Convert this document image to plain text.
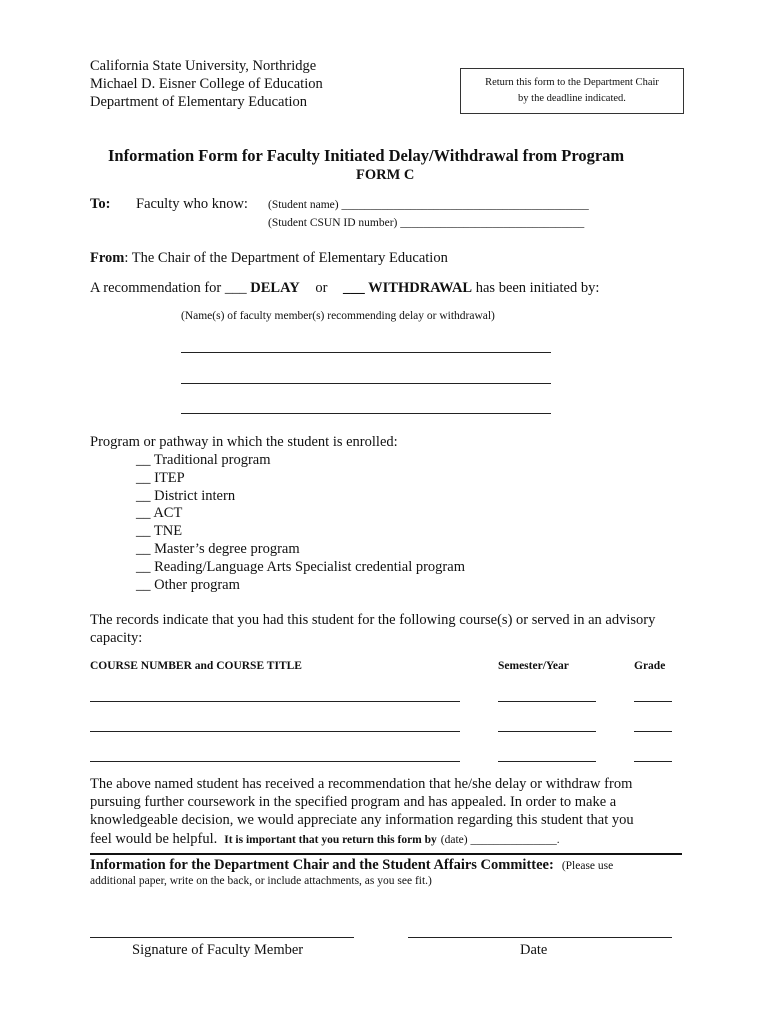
California State University, Northridge
Michael D. Eisner College of Education
Department of Elementary Education
Return this form to the Department Chair
by the deadline indicated.
Information Form for Faculty Initiated Delay/Withdrawal from Program
FORM C
To: Faculty who know: (Student name) ___________________________________________
(Student CSUN ID number) ________________________________
From: The Chair of the Department of Elementary Education
A recommendation for ___ DELAY or ___ WITHDRAWAL has been initiated by:
(Name(s) of faculty member(s) recommending delay or withdrawal)
Program or pathway in which the student is enrolled:
__ Traditional program
__ ITEP
__ District intern
__ ACT
__ TNE
__ Master’s degree program
__ Reading/Language Arts Specialist credential program
__ Other program
The records indicate that you had this student for the following course(s) or served in an advisory
capacity:
COURSE NUMBER and COURSE TITLE	Semester/Year	Grade
The above named student has received a recommendation that he/she delay or withdraw from
pursuing further coursework in the specified program and has appealed. In order to make a
knowledgeable decision, we would appreciate any information regarding this student that you
feel would be helpful. It is important that you return this form by (date) _______________.
Information for the Department Chair and the Student Affairs Committee: (Please use
additional paper, write on the back, or include attachments, as you see fit.)
Signature of Faculty Member	Date
